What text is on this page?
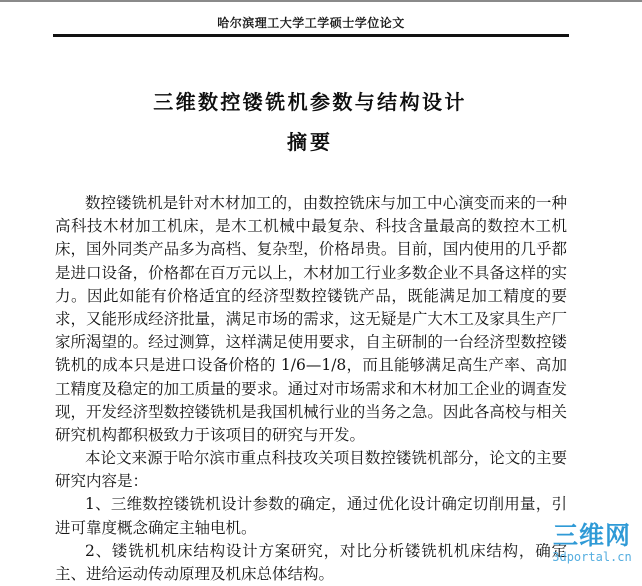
哈尔滨理工大学工学硕士学位论文
三维数控镂铣机参数与结构设计
摘要
数控镂铣机是针对木材加工的，由数控铣床与加工中心演变而来的一种
高科技木材加工机床，是木工机械中最复杂、科技含量最高的数控木工机
床，国外同类产品多为高档、复杂型，价格昂贵。目前，国内使用的几乎都
是进口设备，价格都在百万元以上，木材加工行业多数企业不具备这样的实
力。因此如能有价格适宜的经济型数控镂铣产品，既能满足加工精度的要
求，又能形成经济批量，满足市场的需求，这无疑是广大木工及家具生产厂
家所渴望的。经过测算，这样满足使用要求，自主研制的一台经济型数控镂
铣机的成本只是进口设备价格的 1/6—1/8，而且能够满足高生产率、高加
工精度及稳定的加工质量的要求。通过对市场需求和木材加工企业的调查发
现，开发经济型数控镂铣机是我国机械行业的当务之急。因此各高校与相关
研究机构都积极致力于该项目的研究与开发。
本论文来源于哈尔滨市重点科技攻关项目数控镂铣机部分，论文的主要
研究内容是：
1、三维数控镂铣机设计参数的确定，通过优化设计确定切削用量，引
进可靠度概念确定主轴电机。
2、镂铣机机床结构设计方案研究，对比分析镂铣机机床结构，确定
主、进给运动传动原理及机床总体结构。
三维网
3dportal.cn
